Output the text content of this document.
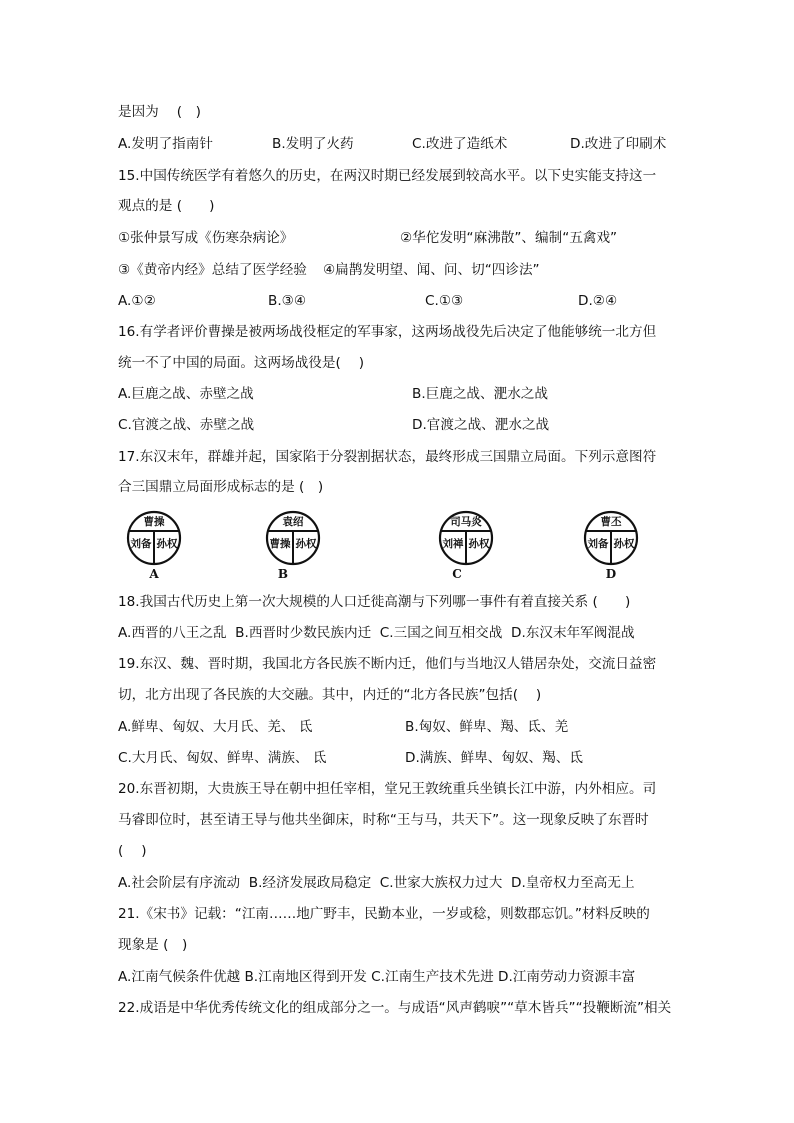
是因为　 (　)
A.发明了指南针	B.发明了火药	C.改进了造纸术	D.改进了印刷术
15.中国传统医学有着悠久的历史，在两汉时期已经发展到较高水平。以下史实能支持这一
观点的是 (　　)
①张仲景写成《伤寒杂病论》	②华佗发明“麻沸散”、编制“五禽戏”
③《黄帝内经》总结了医学经验 ④扁鹊发明望、闻、问、切“四诊法”
A.①②	B.③④	C.①③	D.②④
16.有学者评价曹操是被两场战役框定的军事家，这两场战役先后决定了他能够统一北方但
统一不了中国的局面。这两场战役是(　 )
A.巨鹿之战、赤壁之战	B.巨鹿之战、淝水之战
C.官渡之战、赤壁之战	D.官渡之战、淝水之战
17.东汉末年，群雄并起，国家陷于分裂割据状态，最终形成三国鼎立局面。下列示意图符
合三国鼎立局面形成标志的是 (　)
曹操
刘备 孙权
A
袁绍
曹操 孙权
B
司马炎
刘禅 孙权
C
曹丕
刘备 孙权
D
18.我国古代历史上第一次大规模的人口迁徙高潮与下列哪一事件有着直接关系 (　　)
A.西晋的八王之乱  B.西晋时少数民族内迁  C.三国之间互相交战  D.东汉末年军阀混战
19.东汉、魏、晋时期，我国北方各民族不断内迁，他们与当地汉人错居杂处，交流日益密
切，北方出现了各民族的大交融。其中，内迁的“北方各民族”包括(　 )
A.鲜卑、匈奴、大月氏、羌、 氐	B.匈奴、鲜卑、羯、氐、羌
C.大月氏、匈奴、鲜卑、满族、 氐	D.满族、鲜卑、匈奴、羯、氐
20.东晋初期，大贵族王导在朝中担任宰相，堂兄王敦统重兵坐镇长江中游，内外相应。司
马睿即位时，甚至请王导与他共坐御床，时称“王与马，共天下”。这一现象反映了东晋时
(　 )
A.社会阶层有序流动  B.经济发展政局稳定  C.世家大族权力过大  D.皇帝权力至高无上
21.《宋书》记载：“江南……地广野丰，民勤本业，一岁或稔，则数郡忘饥。”材料反映的
现象是 (　)
A.江南气候条件优越 B.江南地区得到开发 C.江南生产技术先进 D.江南劳动力资源丰富
22.成语是中华优秀传统文化的组成部分之一。与成语“风声鹤唳”“草木皆兵”“投鞭断流”相关
